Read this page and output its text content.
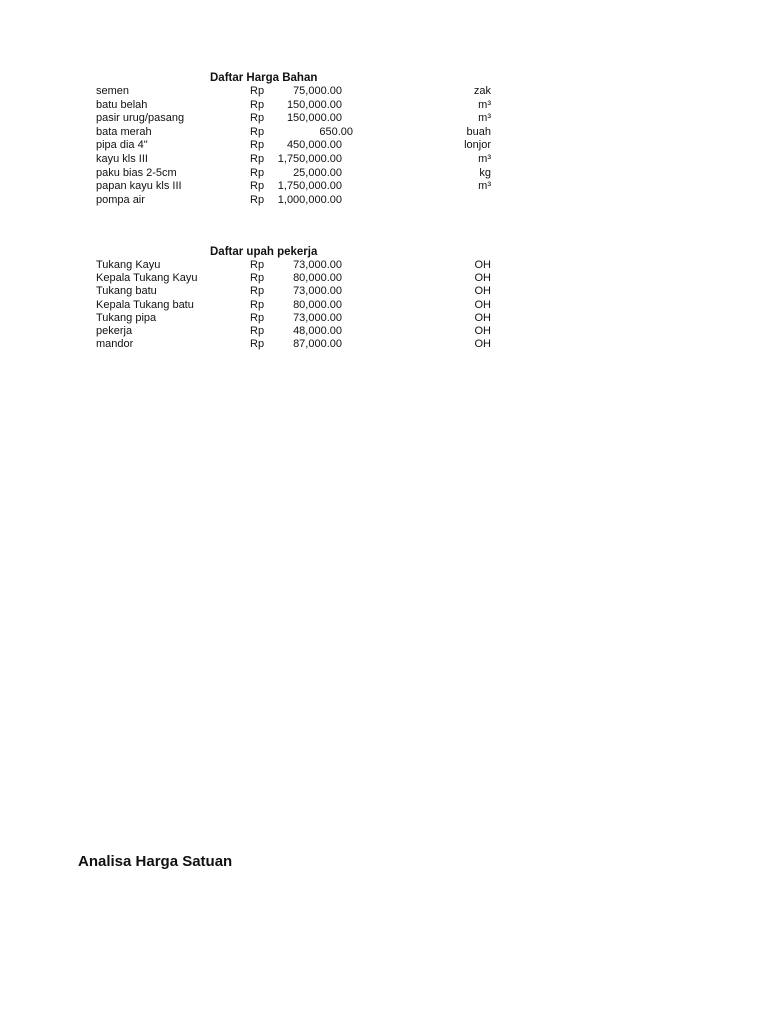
Daftar Harga Bahan
semen	Rp	75,000.00	zak
batu belah	Rp	150,000.00	m³
pasir urug/pasang	Rp	150,000.00	m³
bata merah	Rp	650.00	buah
pipa dia 4"	Rp	450,000.00	lonjor
kayu kls III	Rp	1,750,000.00	m³
paku bias 2-5cm	Rp	25,000.00	kg
papan kayu kls III	Rp	1,750,000.00	m³
pompa air	Rp	1,000,000.00
Daftar upah pekerja
Tukang Kayu	Rp	73,000.00	OH
Kepala Tukang Kayu	Rp	80,000.00	OH
Tukang batu	Rp	73,000.00	OH
Kepala Tukang batu	Rp	80,000.00	OH
Tukang pipa	Rp	73,000.00	OH
pekerja	Rp	48,000.00	OH
mandor	Rp	87,000.00	OH
Analisa Harga Satuan
